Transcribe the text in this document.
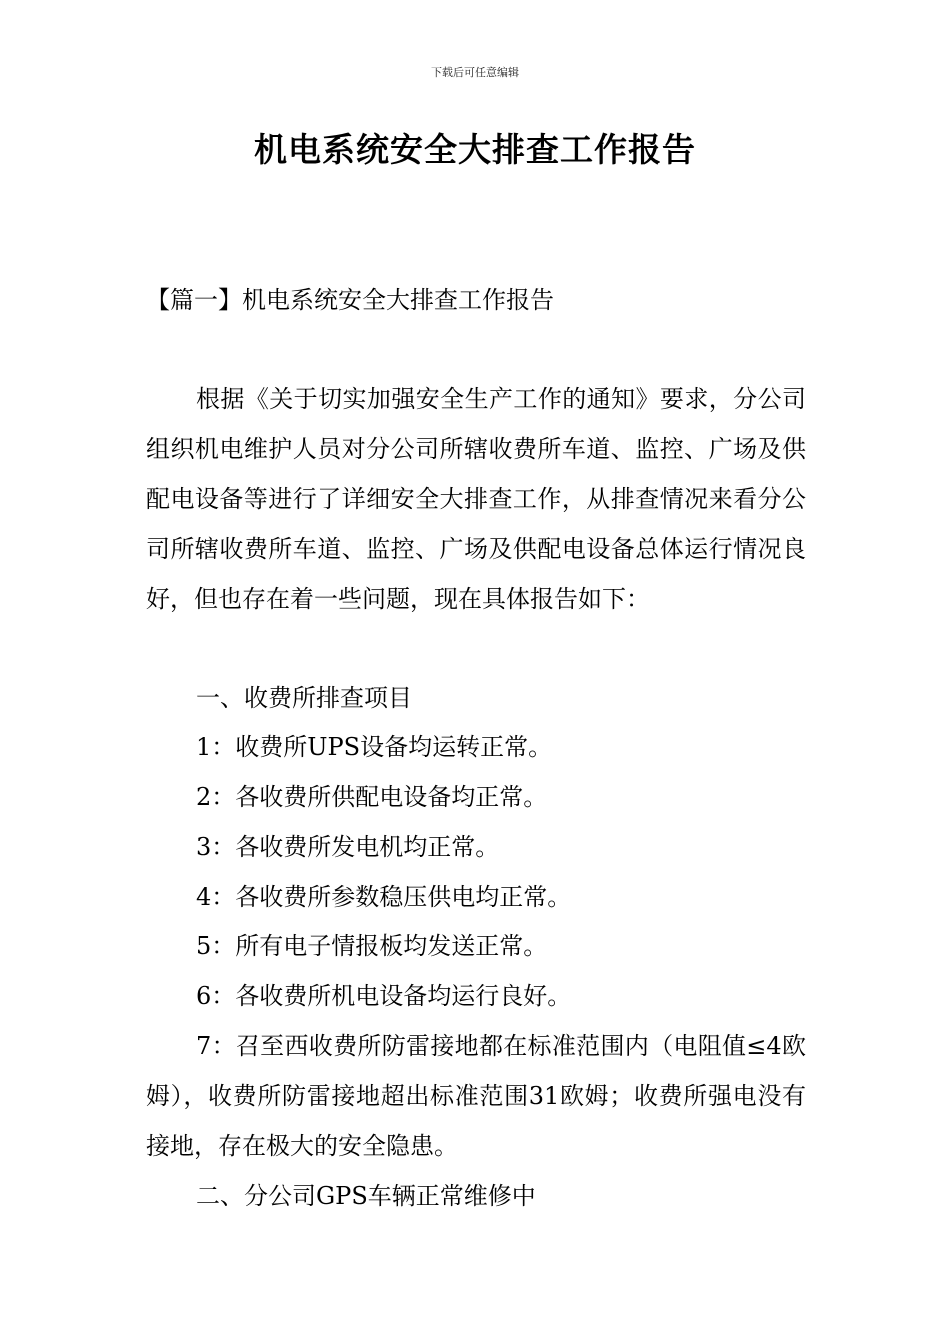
下载后可任意编辑
机电系统安全大排查工作报告
【篇一】机电系统安全大排查工作报告

根据《关于切实加强安全生产工作的通知》要求，分公司组织机电维护人员对分公司所辖收费所车道、监控、广场及供配电设备等进行了详细安全大排查工作，从排查情况来看分公司所辖收费所车道、监控、广场及供配电设备总体运行情况良好，但也存在着一些问题，现在具体报告如下：

一、收费所排查项目

1：收费所UPS设备均运转正常。

2：各收费所供配电设备均正常。

3：各收费所发电机均正常。

4：各收费所参数稳压供电均正常。

5：所有电子情报板均发送正常。

6：各收费所机电设备均运行良好。

7：召至西收费所防雷接地都在标准范围内（电阻值≤4欧姆），收费所防雷接地超出标准范围31欧姆；收费所强电没有接地，存在极大的安全隐患。

二、分公司GPS车辆正常维修中
